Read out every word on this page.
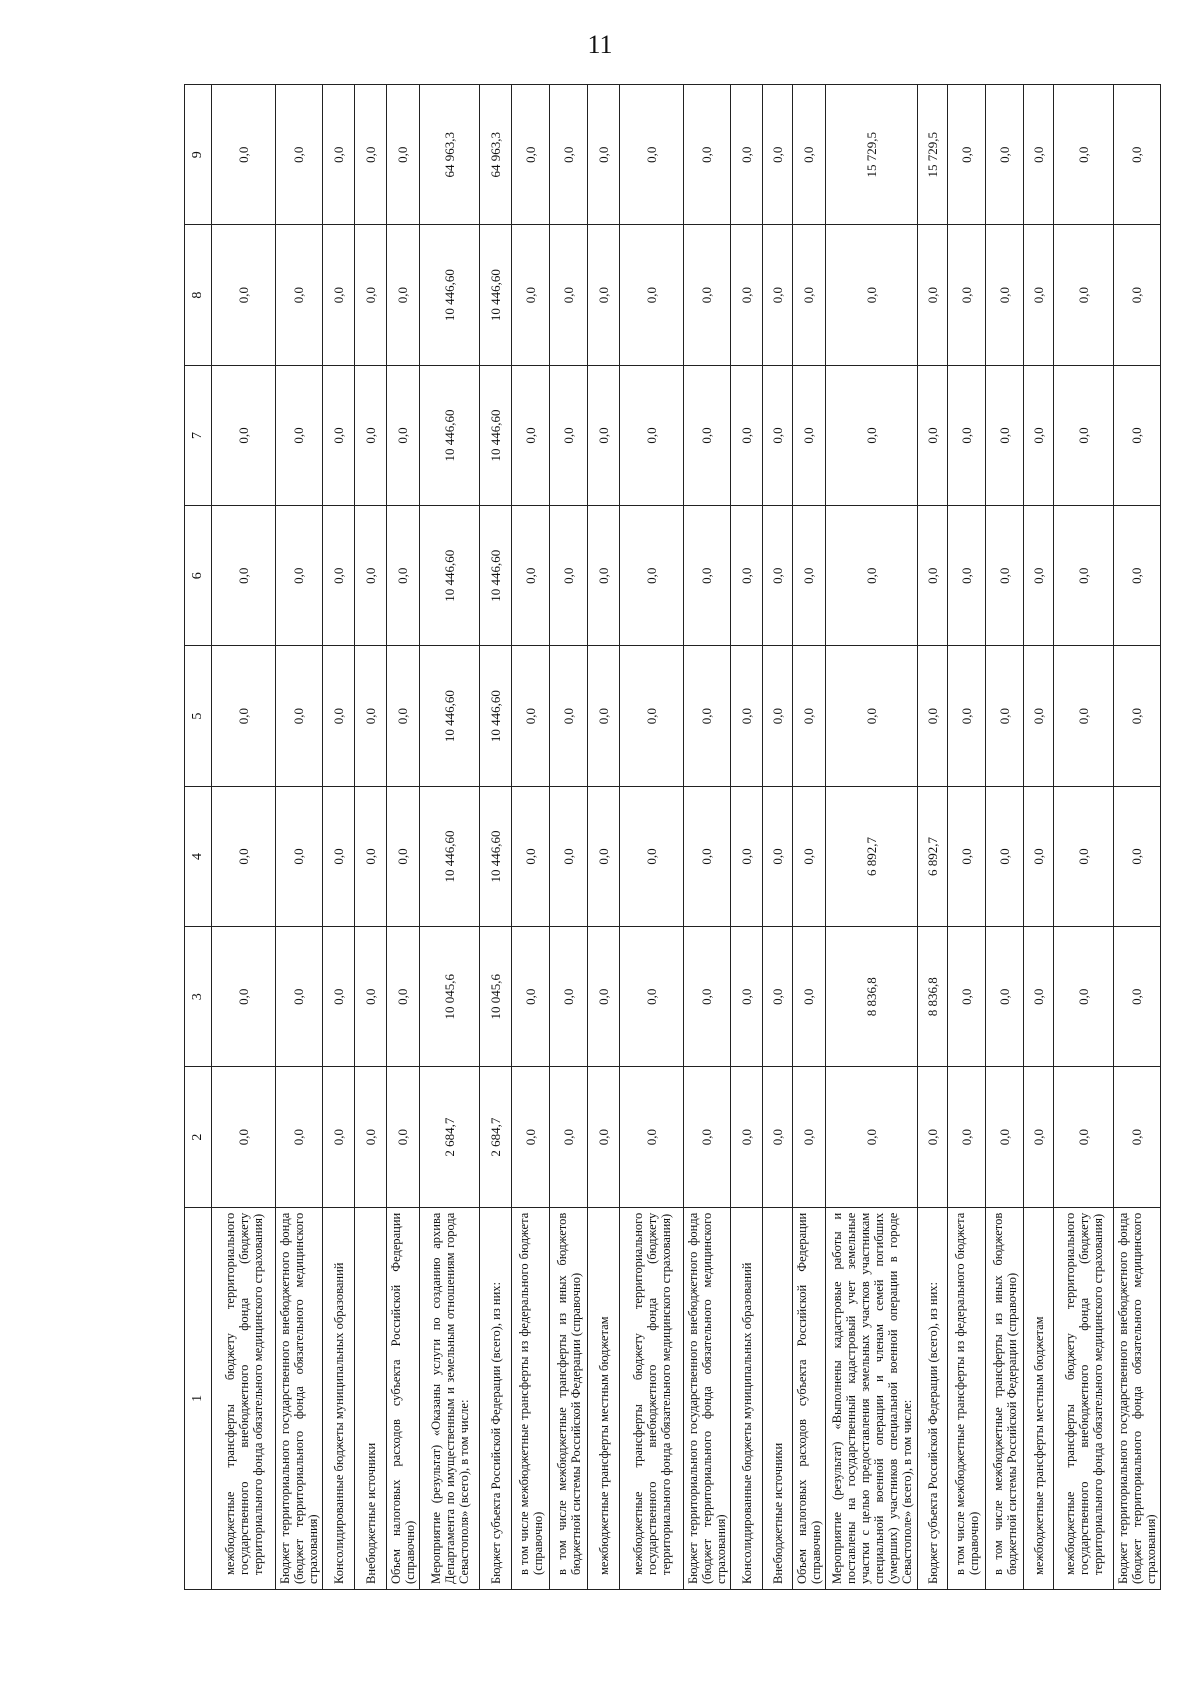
11
1	2	3	4	5	6	7	8	9
межбюджетные трансферты бюджету территориального государственного внебюджетного фонда (бюджету территориального фонда обязательного медицинского страхования)	0,0	0,0	0,0	0,0	0,0	0,0	0,0	0,0
Бюджет территориального государственного внебюджетного фонда (бюджет территориального фонда обязательного медицинского страхования)	0,0	0,0	0,0	0,0	0,0	0,0	0,0	0,0
Консолидированные бюджеты муниципальных образований	0,0	0,0	0,0	0,0	0,0	0,0	0,0	0,0
Внебюджетные источники	0,0	0,0	0,0	0,0	0,0	0,0	0,0	0,0
Объем налоговых расходов субъекта Российской Федерации (справочно)	0,0	0,0	0,0	0,0	0,0	0,0	0,0	0,0
Мероприятие (результат) «Оказаны услуги по созданию архива Департамента по имущественным и земельным отношениям города Севастополя» (всего), в том числе:	2 684,7	10 045,6	10 446,60	10 446,60	10 446,60	10 446,60	10 446,60	64 963,3
Бюджет субъекта Российской Федерации (всего), из них:	2 684,7	10 045,6	10 446,60	10 446,60	10 446,60	10 446,60	10 446,60	64 963,3
в том числе межбюджетные трансферты из федерального бюджета (справочно)	0,0	0,0	0,0	0,0	0,0	0,0	0,0	0,0
в том числе межбюджетные трансферты из иных бюджетов бюджетной системы Российской Федерации (справочно)	0,0	0,0	0,0	0,0	0,0	0,0	0,0	0,0
межбюджетные трансферты местным бюджетам	0,0	0,0	0,0	0,0	0,0	0,0	0,0	0,0
межбюджетные трансферты бюджету территориального государственного внебюджетного фонда (бюджету территориального фонда обязательного медицинского страхования)	0,0	0,0	0,0	0,0	0,0	0,0	0,0	0,0
Бюджет территориального государственного внебюджетного фонда (бюджет территориального фонда обязательного медицинского страхования)	0,0	0,0	0,0	0,0	0,0	0,0	0,0	0,0
Консолидированные бюджеты муниципальных образований	0,0	0,0	0,0	0,0	0,0	0,0	0,0	0,0
Внебюджетные источники	0,0	0,0	0,0	0,0	0,0	0,0	0,0	0,0
Объем налоговых расходов субъекта Российской Федерации (справочно)	0,0	0,0	0,0	0,0	0,0	0,0	0,0	0,0
Мероприятие (результат) «Выполнены кадастровые работы и поставлены на государственный кадастровый учет земельные участки с целью предоставления земельных участков участникам специальной военной операции и членам семей погибших (умерших) участников специальной военной операции в городе Севастополе» (всего), в том числе:	0,0	8 836,8	6 892,7	0,0	0,0	0,0	0,0	15 729,5
Бюджет субъекта Российской Федерации (всего), из них:	0,0	8 836,8	6 892,7	0,0	0,0	0,0	0,0	15 729,5
в том числе межбюджетные трансферты из федерального бюджета (справочно)	0,0	0,0	0,0	0,0	0,0	0,0	0,0	0,0
в том числе межбюджетные трансферты из иных бюджетов бюджетной системы Российской Федерации (справочно)	0,0	0,0	0,0	0,0	0,0	0,0	0,0	0,0
межбюджетные трансферты местным бюджетам	0,0	0,0	0,0	0,0	0,0	0,0	0,0	0,0
межбюджетные трансферты бюджету территориального государственного внебюджетного фонда (бюджету территориального фонда обязательного медицинского страхования)	0,0	0,0	0,0	0,0	0,0	0,0	0,0	0,0
Бюджет территориального государственного внебюджетного фонда (бюджет территориального фонда обязательного медицинского страхования)	0,0	0,0	0,0	0,0	0,0	0,0	0,0	0,0
